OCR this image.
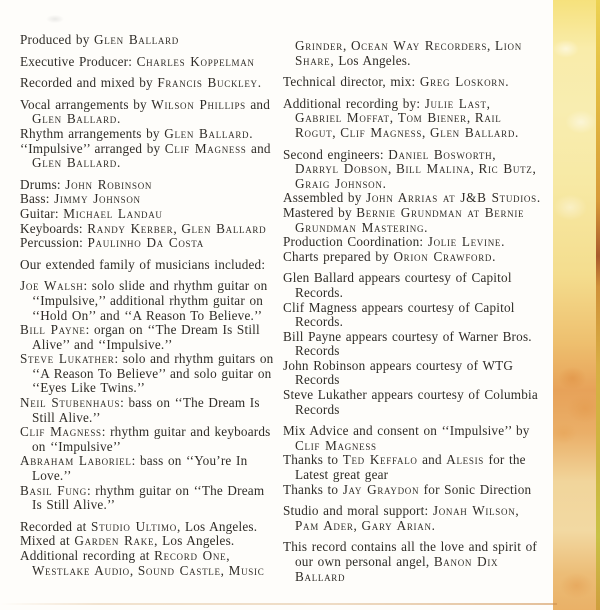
Produced by Glen Ballard
Executive Producer: Charles Koppelman
Recorded and mixed by Francis Buckley.
Vocal arrangements by Wilson Phillips and
Glen Ballard.
Rhythm arrangements by Glen Ballard.
‘‘Impulsive’’ arranged by Clif Magness and
Glen Ballard.
Drums: John Robinson
Bass: Jimmy Johnson
Guitar: Michael Landau
Keyboards: Randy Kerber, Glen Ballard
Percussion: Paulinho Da Costa
Our extended family of musicians included:
Joe Walsh: solo slide and rhythm guitar on
‘‘Impulsive,’’ additional rhythm guitar on
‘‘Hold On’’ and ‘‘A Reason To Believe.’’
Bill Payne: organ on ‘‘The Dream Is Still
Alive’’ and ‘‘Impulsive.’’
Steve Lukather: solo and rhythm guitars on
‘‘A Reason To Believe’’ and solo guitar on
‘‘Eyes Like Twins.’’
Neil Stubenhaus: bass on ‘‘The Dream Is
Still Alive.’’
Clif Magness: rhythm guitar and keyboards
on ‘‘Impulsive’’
Abraham Laboriel: bass on ‘‘You’re In
Love.’’
Basil Fung: rhythm guitar on ‘‘The Dream
Is Still Alive.’’
Recorded at Studio Ultimo, Los Angeles.
Mixed at Garden Rake, Los Angeles.
Additional recording at Record One,
Westlake Audio, Sound Castle, Music
Grinder, Ocean Way Recorders, Lion
Share, Los Angeles.
Technical director, mix: Greg Loskorn.
Additional recording by: Julie Last,
Gabriel Moffat, Tom Biener, Rail
Rogut, Clif Magness, Glen Ballard.
Second engineers: Daniel Bosworth,
Darryl Dobson, Bill Malina, Ric Butz,
Graig Johnson.
Assembled by John Arrias at J&B Studios.
Mastered by Bernie Grundman at Bernie
Grundman Mastering.
Production Coordination: Jolie Levine.
Charts prepared by Orion Crawford.
Glen Ballard appears courtesy of Capitol
Records.
Clif Magness appears courtesy of Capitol
Records.
Bill Payne appears courtesy of Warner Bros.
Records
John Robinson appears courtesy of WTG
Records
Steve Lukather appears courtesy of Columbia
Records
Mix Advice and consent on ‘‘Impulsive’’ by
Clif Magness
Thanks to Ted Keffalo and Alesis for the
Latest great gear
Thanks to Jay Graydon for Sonic Direction
Studio and moral support: Jonah Wilson,
Pam Ader, Gary Arian.
This record contains all the love and spirit of
our own personal angel, Banon Dix
Ballard
